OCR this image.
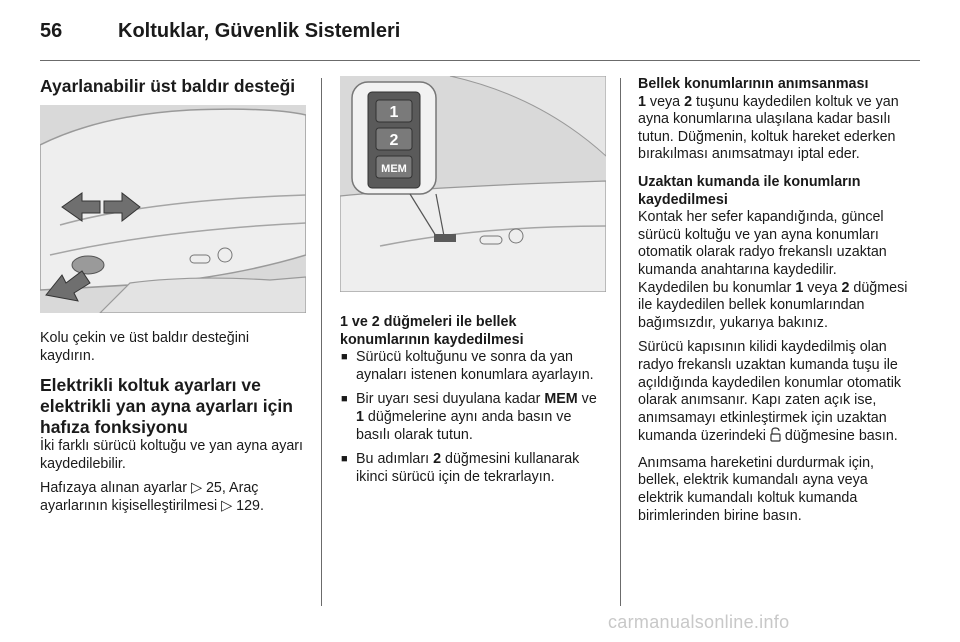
56	Koltuklar, Güvenlik Sistemleri
Ayarlanabilir üst baldır desteği

Kolu çekin ve üst baldır desteğini kaydırın.

Elektrikli koltuk ayarları ve elektrikli yan ayna ayarları için hafıza fonksiyonu

İki farklı sürücü koltuğu ve yan ayna ayarı kaydedilebilir.

Hafızaya alınan ayarlar ▷ 25, Araç ayarlarının kişiselleştirilmesi ▷ 129.

1
2
MEM

1 ve 2 düğmeleri ile bellek konumlarının kaydedilmesi

■ Sürücü koltuğunu ve sonra da yan aynaları istenen konumlara ayarlayın.
■ Bir uyarı sesi duyulana kadar MEM ve 1 düğmelerine aynı anda basın ve basılı olarak tutun.
■ Bu adımları 2 düğmesini kullanarak ikinci sürücü için de tekrarlayın.

Bellek konumlarının anımsanması

1 veya 2 tuşunu kaydedilen koltuk ve yan ayna konumlarına ulaşılana kadar basılı tutun. Düğmenin, koltuk hareket ederken bırakılması anımsatmayı iptal eder.

Uzaktan kumanda ile konumların kaydedilmesi

Kontak her sefer kapandığında, güncel sürücü koltuğu ve yan ayna konumları otomatik olarak radyo frekanslı uzaktan kumanda anahtarına kaydedilir. Kaydedilen bu konumlar 1 veya 2 düğmesi ile kaydedilen bellek konumlarından bağımsızdır, yukarıya bakınız.

Sürücü kapısının kilidi kaydedilmiş olan radyo frekanslı uzaktan kumanda tuşu ile açıldığında kaydedilen konumlar otomatik olarak anımsanır. Kapı zaten açık ise, anımsamayı etkinleştirmek için uzaktan kumanda üzerindeki  düğmesine basın.

Anımsama hareketini durdurmak için, bellek, elektrik kumandalı ayna veya elektrik kumandalı koltuk kumanda birimlerinden birine basın.

carmanualsonline.info
